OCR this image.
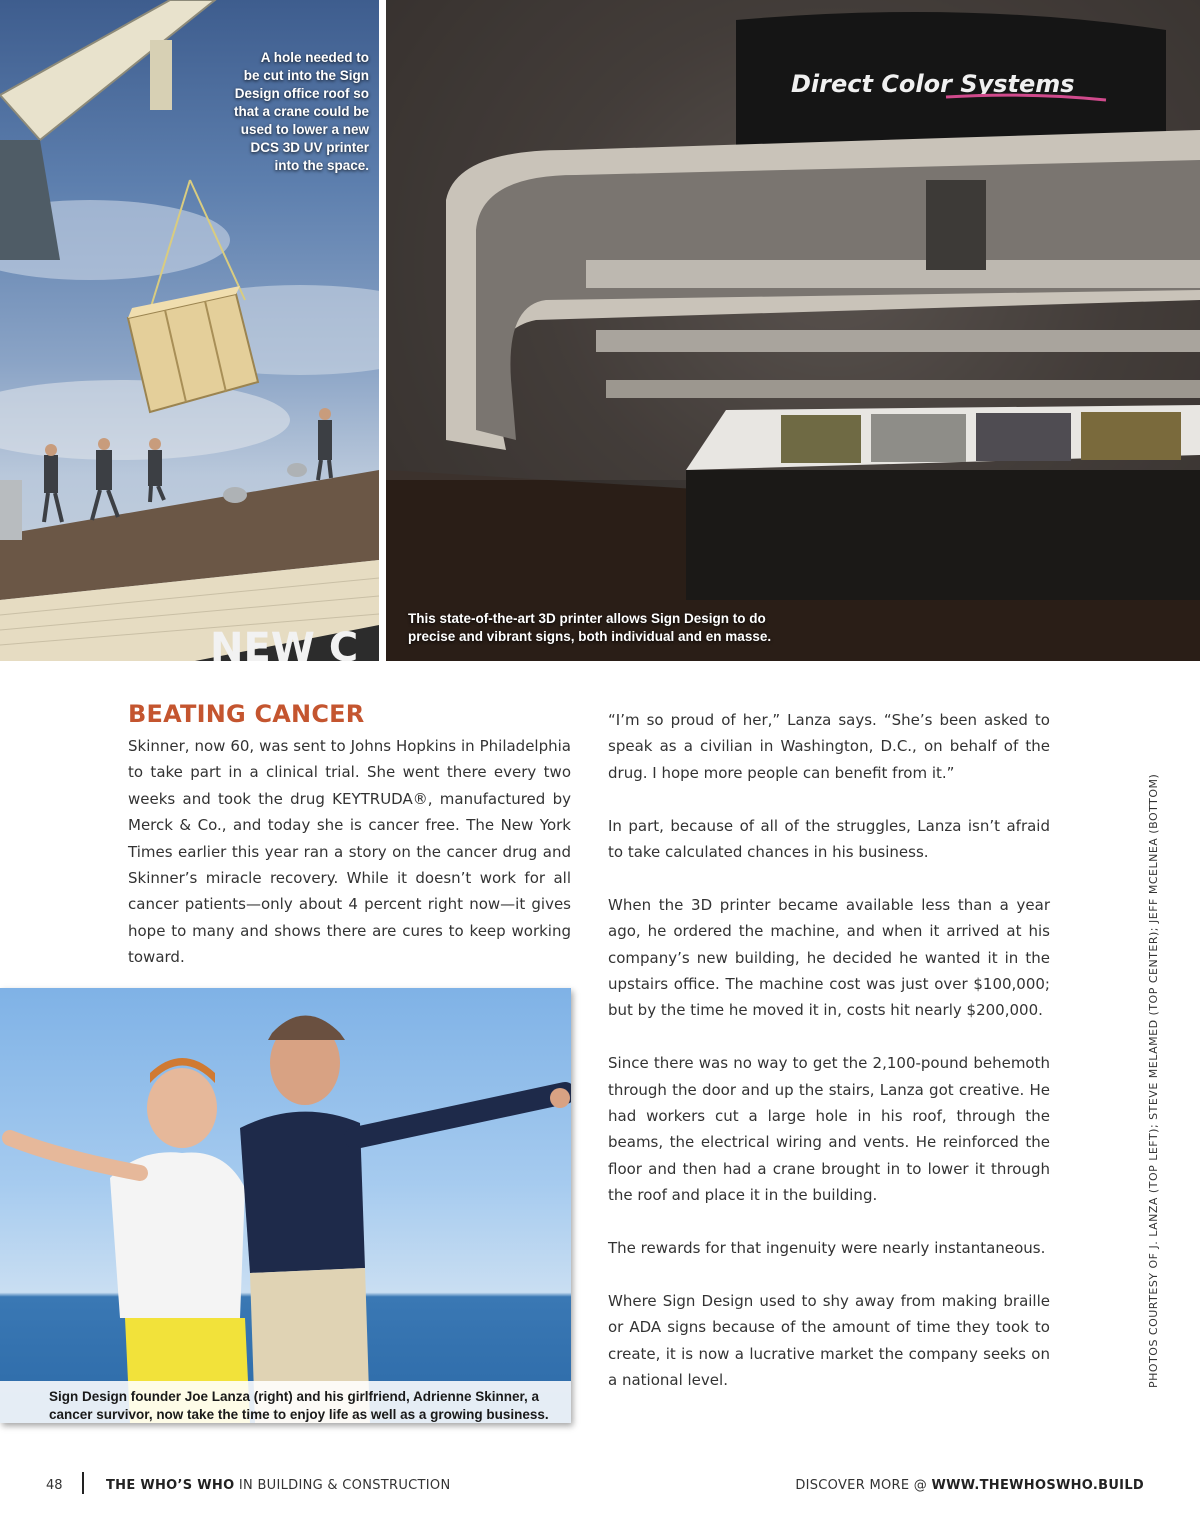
NEW C
A hole needed to
be cut into the Sign
Design office roof so
that a crane could be
used to lower a new
DCS 3D UV printer
into the space.
Direct Color Systems
This state-of-the-art 3D printer allows Sign Design to do
precise and vibrant signs, both individual and en masse.
BEATING CANCER

Skinner, now 60, was sent to Johns Hopkins in Philadelphia to take part in a clinical trial. She went there every two weeks and took the drug KEYTRUDA®, manufactured by Merck & Co., and today she is cancer free. The New York Times earlier this year ran a story on the cancer drug and Skinner’s miracle recovery. While it doesn’t work for all cancer patients—only about 4 percent right now—it gives hope to many and shows there are cures to keep working toward.

“I’m so proud of her,” Lanza says. “She’s been asked to speak as a civilian in Washington, D.C., on behalf of the drug. I hope more people can benefit from it.”

In part, because of all of the struggles, Lanza isn’t afraid to take calculated chances in his business.

When the 3D printer became available less than a year ago, he ordered the machine, and when it arrived at his company’s new building, he decided he wanted it in the upstairs office. The machine cost was just over $100,000; but by the time he moved it in, costs hit nearly $200,000.

Since there was no way to get the 2,100-pound behemoth through the door and up the stairs, Lanza got creative. He had workers cut a large hole in his roof, through the beams, the electrical wiring and vents. He reinforced the floor and then had a crane brought in to lower it through the roof and place it in the building.

The rewards for that ingenuity were nearly instantaneous.

Where Sign Design used to shy away from making braille or ADA signs because of the amount of time they took to create, it is now a lucrative market the company seeks on a national level.

Sign Design founder Joe Lanza (right) and his girlfriend, Adrienne Skinner, a
cancer survivor, now take the time to enjoy life as well as a growing business.
PHOTOS COURTESY OF J. LANZA (TOP LEFT); STEVE MELAMED (TOP CENTER); JEFF MCELNEA (BOTTOM)
48	THE WHO’S WHO IN BUILDING & CONSTRUCTION	DISCOVER MORE @ WWW.THEWHOSWHO.BUILD
